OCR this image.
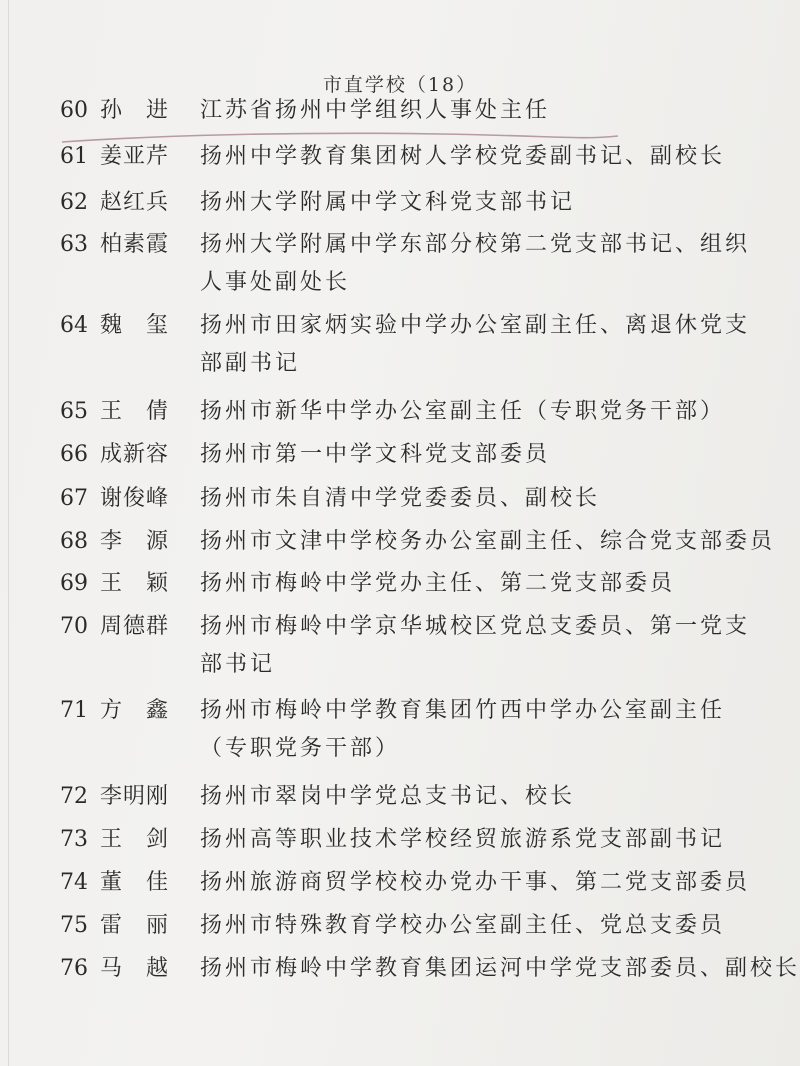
市直学校（18）
60 孙　进	江苏省扬州中学组织人事处主任
61 姜亚芹	扬州中学教育集团树人学校党委副书记、副校长
62 赵红兵	扬州大学附属中学文科党支部书记
63 柏素霞	扬州大学附属中学东部分校第二党支部书记、组织
人事处副处长
64 魏　玺	扬州市田家炳实验中学办公室副主任、离退休党支
部副书记
65 王　倩	扬州市新华中学办公室副主任（专职党务干部）
66 成新容	扬州市第一中学文科党支部委员
67 谢俊峰	扬州市朱自清中学党委委员、副校长
68 李　源	扬州市文津中学校务办公室副主任、综合党支部委员
69 王　颖	扬州市梅岭中学党办主任、第二党支部委员
70 周德群	扬州市梅岭中学京华城校区党总支委员、第一党支
部书记
71 方　鑫	扬州市梅岭中学教育集团竹西中学办公室副主任
（专职党务干部）
72 李明刚	扬州市翠岗中学党总支书记、校长
73 王　剑	扬州高等职业技术学校经贸旅游系党支部副书记
74 董　佳	扬州旅游商贸学校校办党办干事、第二党支部委员
75 雷　丽	扬州市特殊教育学校办公室副主任、党总支委员
76 马　越	扬州市梅岭中学教育集团运河中学党支部委员、副校长
